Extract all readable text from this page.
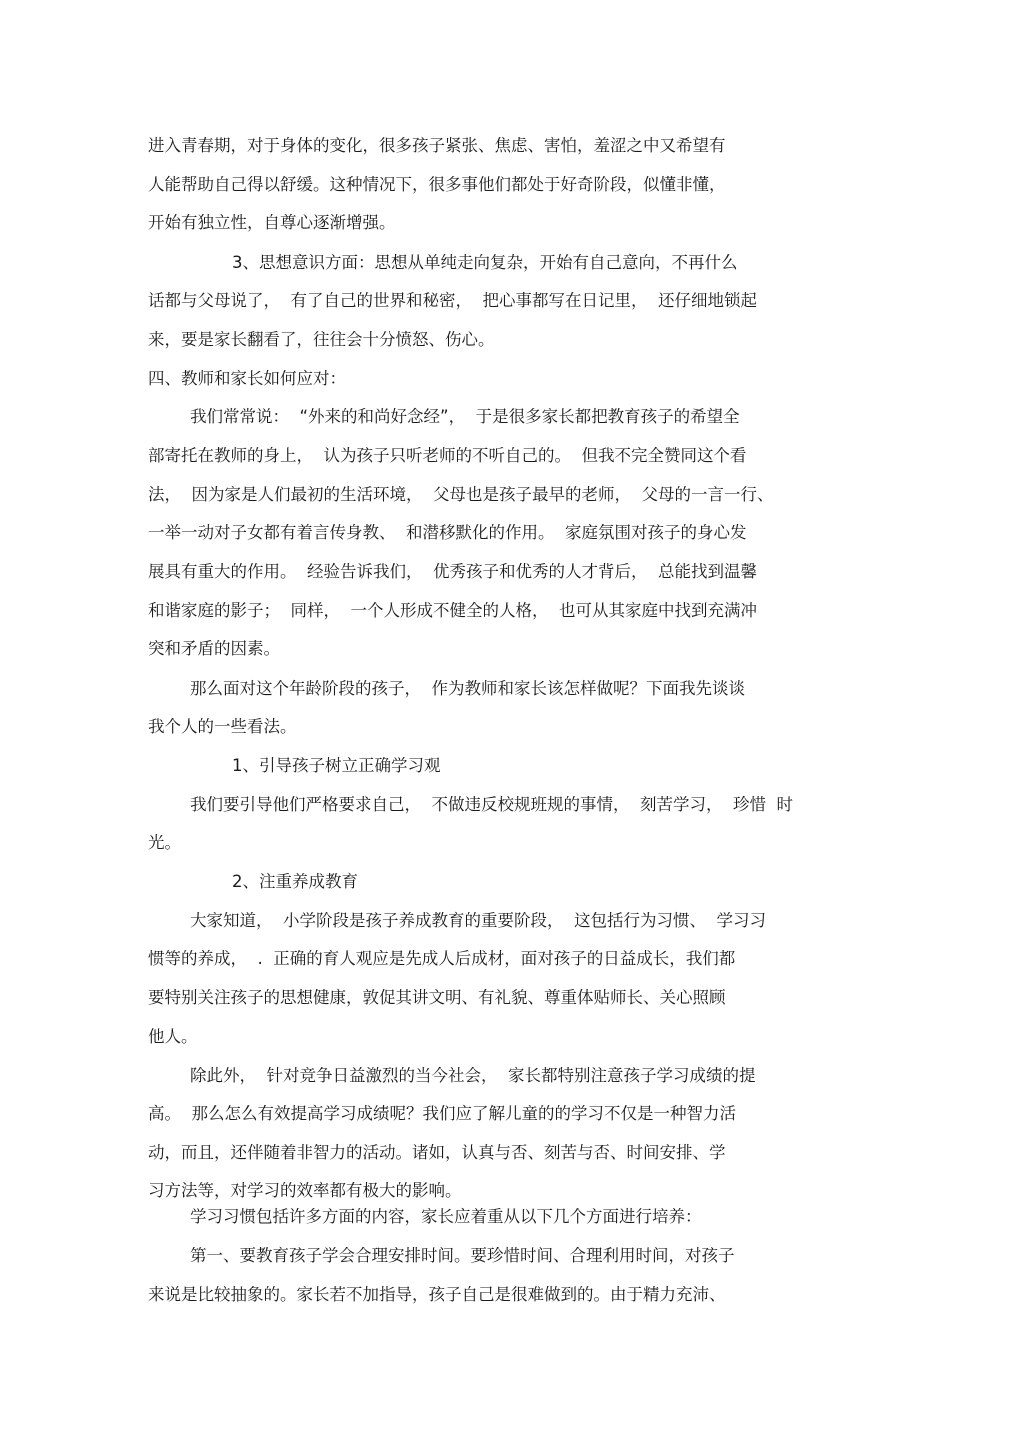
进入青春期，对于身体的变化，很多孩子紧张、焦虑、害怕，羞涩之中又希望有
人能帮助自己得以舒缓。这种情况下，很多事他们都处于好奇阶段，似懂非懂，
开始有独立性，自尊心逐渐增强。
3、思想意识方面：思想从单纯走向复杂，开始有自己意向，不再什么
话都与父母说了，  有了自己的世界和秘密，  把心事都写在日记里，  还仔细地锁起
来，要是家长翻看了，往往会十分愤怒、伤心。
四、教师和家长如何应对：
我们常常说：  “外来的和尚好念经”，  于是很多家长都把教育孩子的希望全
部寄托在教师的身上，  认为孩子只听老师的不听自己的。  但我不完全赞同这个看
法，  因为家是人们最初的生活环境，  父母也是孩子最早的老师，  父母的一言一行、
一举一动对子女都有着言传身教、  和潜移默化的作用。  家庭氛围对孩子的身心发
展具有重大的作用。  经验告诉我们，  优秀孩子和优秀的人才背后，  总能找到温馨
和谐家庭的影子；  同样，  一个人形成不健全的人格，  也可从其家庭中找到充满冲
突和矛盾的因素。
那么面对这个年龄阶段的孩子，  作为教师和家长该怎样做呢？下面我先谈谈
我个人的一些看法。
1、引导孩子树立正确学习观
我们要引导他们严格要求自己，  不做违反校规班规的事情，  刻苦学习，  珍惜  时
光。
2、注重养成教育
大家知道，  小学阶段是孩子养成教育的重要阶段，  这包括行为习惯、  学习习
惯等的养成，  .  正确的育人观应是先成人后成材，面对孩子的日益成长，我们都
要特别关注孩子的思想健康，敦促其讲文明、有礼貌、尊重体贴师长、关心照顾
他人。
除此外，  针对竞争日益激烈的当今社会，  家长都特别注意孩子学习成绩的提
高。  那么怎么有效提高学习成绩呢？我们应了解儿童的的学习不仅是一种智力活
动，而且，还伴随着非智力的活动。诸如，认真与否、刻苦与否、时间安排、学
习方法等，对学习的效率都有极大的影响。
学习习惯包括许多方面的内容，家长应着重从以下几个方面进行培养：
第一、要教育孩子学会合理安排时间。要珍惜时间、合理利用时间，对孩子
来说是比较抽象的。家长若不加指导，孩子自己是很难做到的。由于精力充沛、
